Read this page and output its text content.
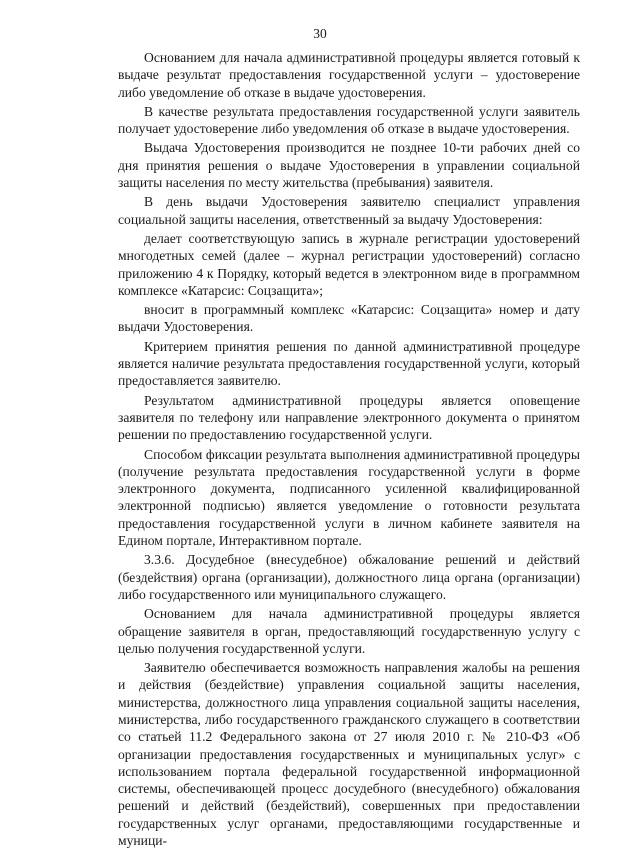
30

Основанием для начала административной процедуры является готовый к выдаче результат предоставления государственной услуги – удостоверение либо уведомление об отказе в выдаче удостоверения.

В качестве результата предоставления государственной услуги заявитель получает удостоверение либо уведомления об отказе в выдаче удостоверения.

Выдача Удостоверения производится не позднее 10-ти рабочих дней со дня принятия решения о выдаче Удостоверения в управлении социальной защиты населения по месту жительства (пребывания) заявителя.

В день выдачи Удостоверения заявителю специалист управления социальной защиты населения, ответственный за выдачу Удостоверения:

делает соответствующую запись в журнале регистрации удостоверений многодетных семей (далее – журнал регистрации удостоверений) согласно приложению 4 к Порядку, который ведется в электронном виде в программном комплексе «Катарсис: Соцзащита»;

вносит в программный комплекс «Катарсис: Соцзащита» номер и дату выдачи Удостоверения.

Критерием принятия решения по данной административной процедуре является наличие результата предоставления государственной услуги, который предоставляется заявителю.

Результатом административной процедуры является оповещение заявителя по телефону или направление электронного документа о принятом решении по предоставлению государственной услуги.

Способом фиксации результата выполнения административной процедуры (получение результата предоставления государственной услуги в форме электронного документа, подписанного усиленной квалифицированной электронной подписью) является уведомление о готовности результата предоставления государственной услуги в личном кабинете заявителя на Едином портале, Интерактивном портале.

3.3.6. Досудебное (внесудебное) обжалование решений и действий (бездействия) органа (организации), должностного лица органа (организации) либо государственного или муниципального служащего.

Основанием для начала административной процедуры является обращение заявителя в орган, предоставляющий государственную услугу с целью получения государственной услуги.

Заявителю обеспечивается возможность направления жалобы на решения и действия (бездействие) управления социальной защиты населения, министерства, должностного лица управления социальной защиты населения, министерства, либо государственного гражданского служащего в соответствии со статьей 11.2 Федерального закона от 27 июля 2010 г. № 210-ФЗ «Об организации предоставления государственных и муниципальных услуг» с использованием портала федеральной государственной информационной системы, обеспечивающей процесс досудебного (внесудебного) обжалования решений и действий (бездействий), совершенных при предоставлении государственных услуг органами, предоставляющими государственные и муници-
